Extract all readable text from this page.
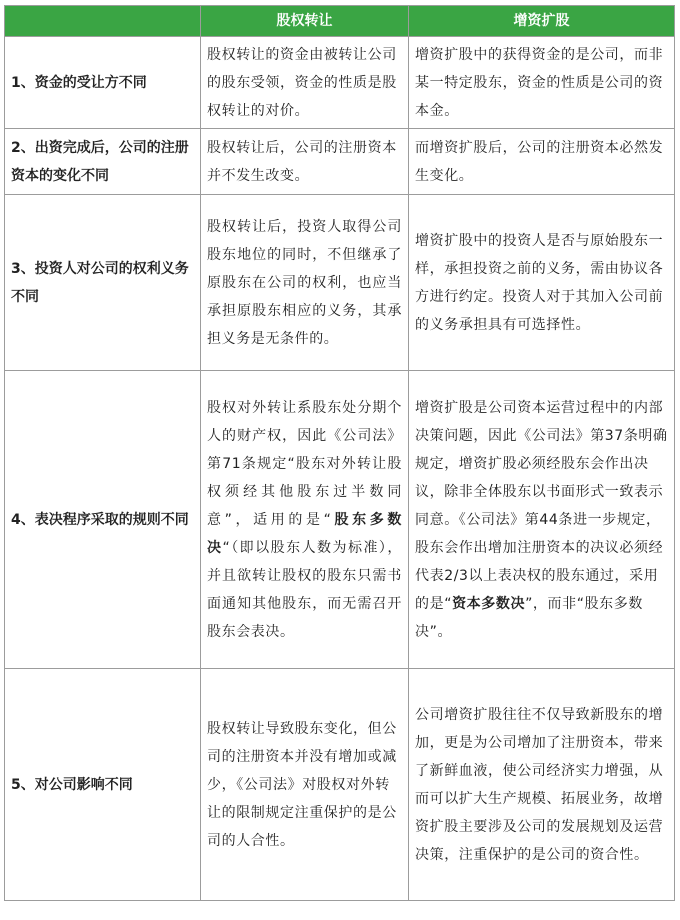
	股权转让	增资扩股
1、资金的受让方不同	股权转让的资金由被转让公司的股东受领，资金的性质是股权转让的对价。	增资扩股中的获得资金的是公司，而非某一特定股东，资金的性质是公司的资本金。
2、出资完成后，公司的注册资本的变化不同	股权转让后，公司的注册资本并不发生改变。	而增资扩股后，公司的注册资本必然发生变化。
3、投资人对公司的权利义务不同	股权转让后，投资人取得公司股东地位的同时，不但继承了原股东在公司的权利，也应当承担原股东相应的义务，其承担义务是无条件的。	增资扩股中的投资人是否与原始股东一样，承担投资之前的义务，需由协议各方进行约定。投资人对于其加入公司前的义务承担具有可选择性。
4、表决程序采取的规则不同	股权对外转让系股东处分期个人的财产权，因此《公司法》第71条规定“股东对外转让股权须经其他股东过半数同意”，适用的是“股东多数决“（即以股东人数为标准），并且欲转让股权的股东只需书面通知其他股东，而无需召开股东会表决。	增资扩股是公司资本运营过程中的内部决策问题，因此《公司法》第37条明确规定，增资扩股必须经股东会作出决议，除非全体股东以书面形式一致表示同意。《公司法》第44条进一步规定，股东会作出增加注册资本的决议必须经代表2/3以上表决权的股东通过，采用的是“资本多数决”，而非“股东多数决”。
5、对公司影响不同	股权转让导致股东变化，但公司的注册资本并没有增加或减少，《公司法》对股权对外转让的限制规定注重保护的是公司的人合性。	公司增资扩股往往不仅导致新股东的增加，更是为公司增加了注册资本，带来了新鲜血液，使公司经济实力增强，从而可以扩大生产规模、拓展业务，故增资扩股主要涉及公司的发展规划及运营决策，注重保护的是公司的资合性。
